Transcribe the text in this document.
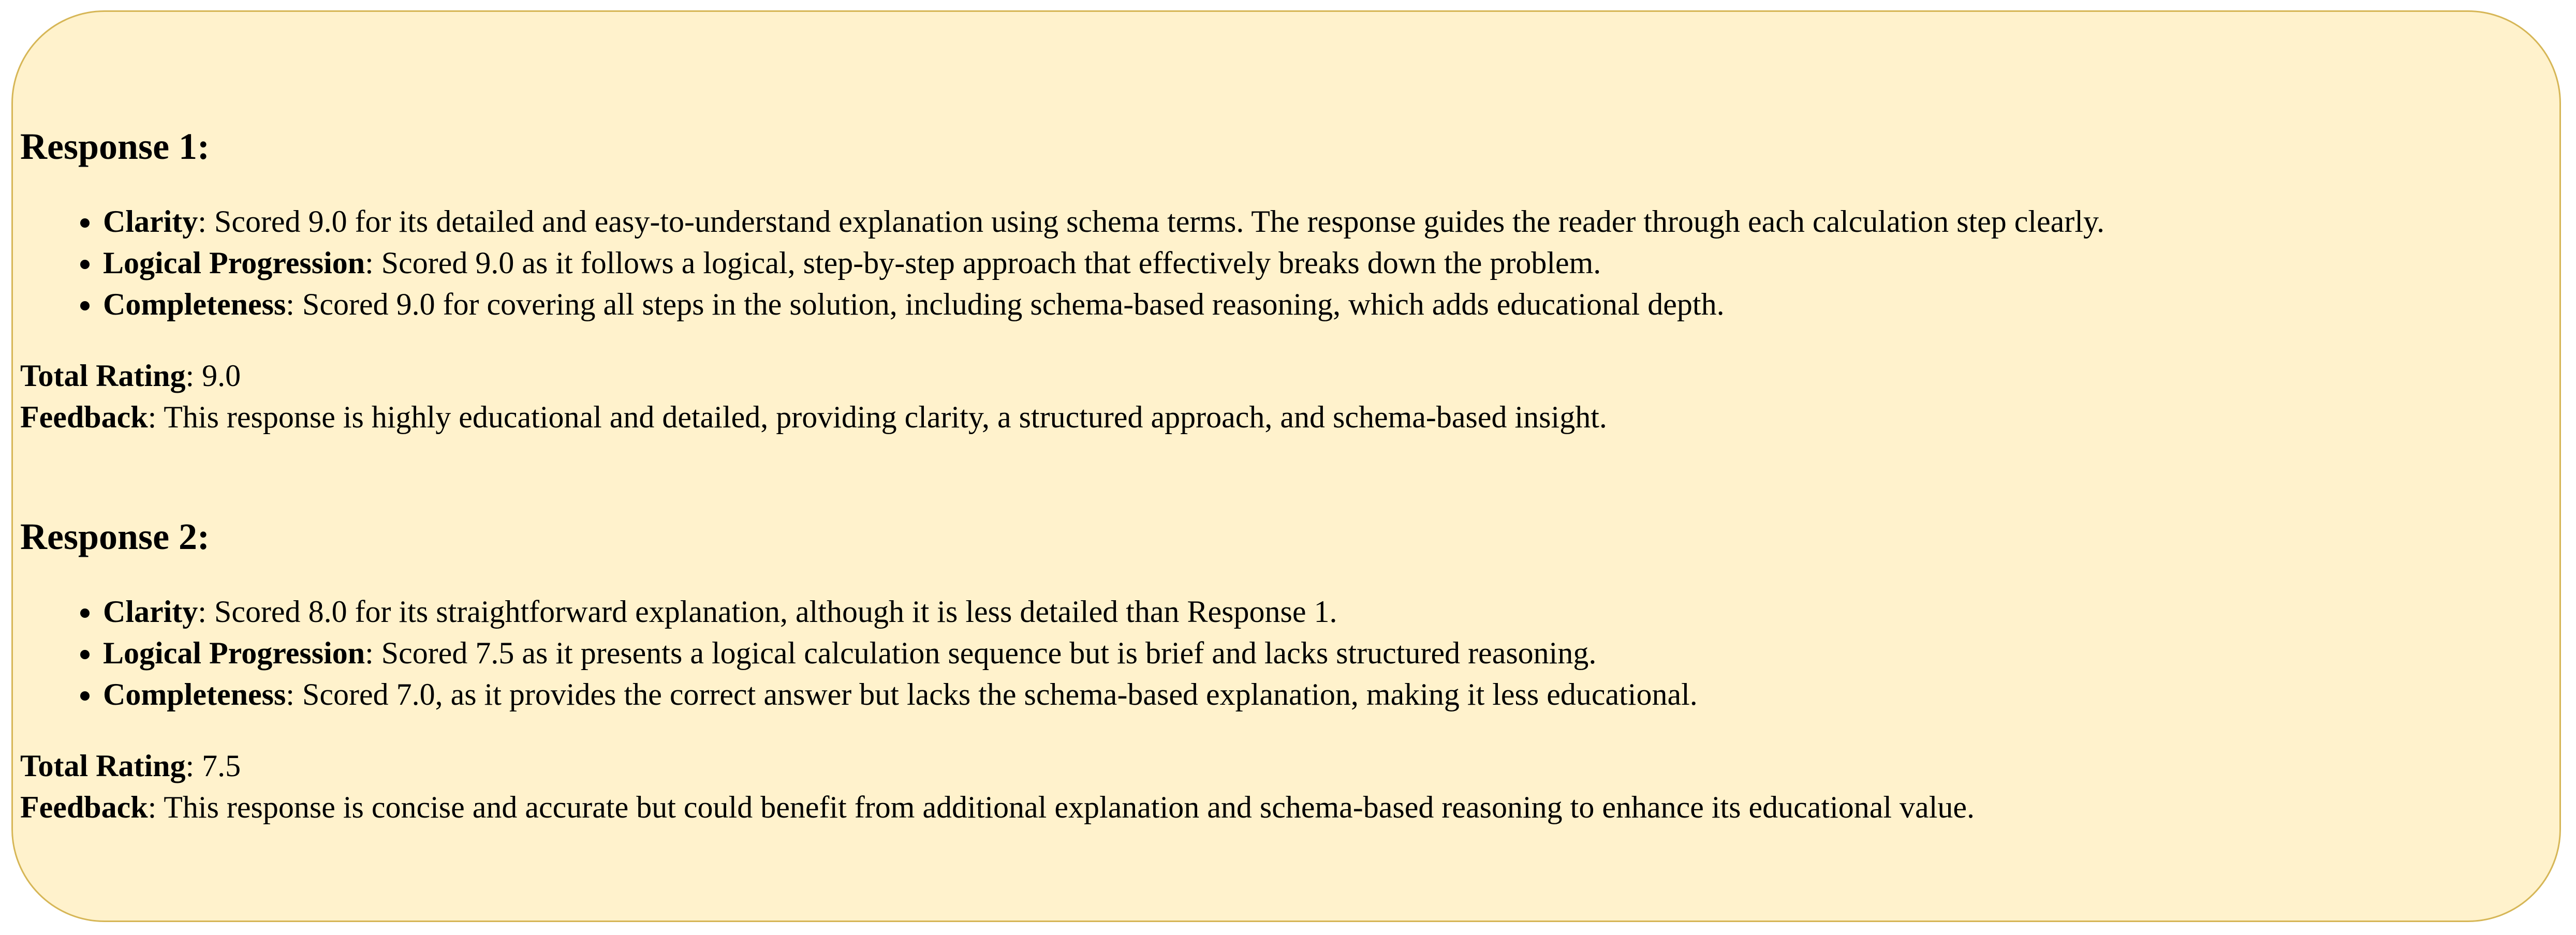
Response 1:
• Clarity: Scored 9.0 for its detailed and easy-to-understand explanation using schema terms. The response guides the reader through each calculation step clearly.
• Logical Progression: Scored 9.0 as it follows a logical, step-by-step approach that effectively breaks down the problem.
• Completeness: Scored 9.0 for covering all steps in the solution, including schema-based reasoning, which adds educational depth.
Total Rating: 9.0
Feedback: This response is highly educational and detailed, providing clarity, a structured approach, and schema-based insight.
Response 2:
• Clarity: Scored 8.0 for its straightforward explanation, although it is less detailed than Response 1.
• Logical Progression: Scored 7.5 as it presents a logical calculation sequence but is brief and lacks structured reasoning.
• Completeness: Scored 7.0, as it provides the correct answer but lacks the schema-based explanation, making it less educational.
Total Rating: 7.5
Feedback: This response is concise and accurate but could benefit from additional explanation and schema-based reasoning to enhance its educational value.
